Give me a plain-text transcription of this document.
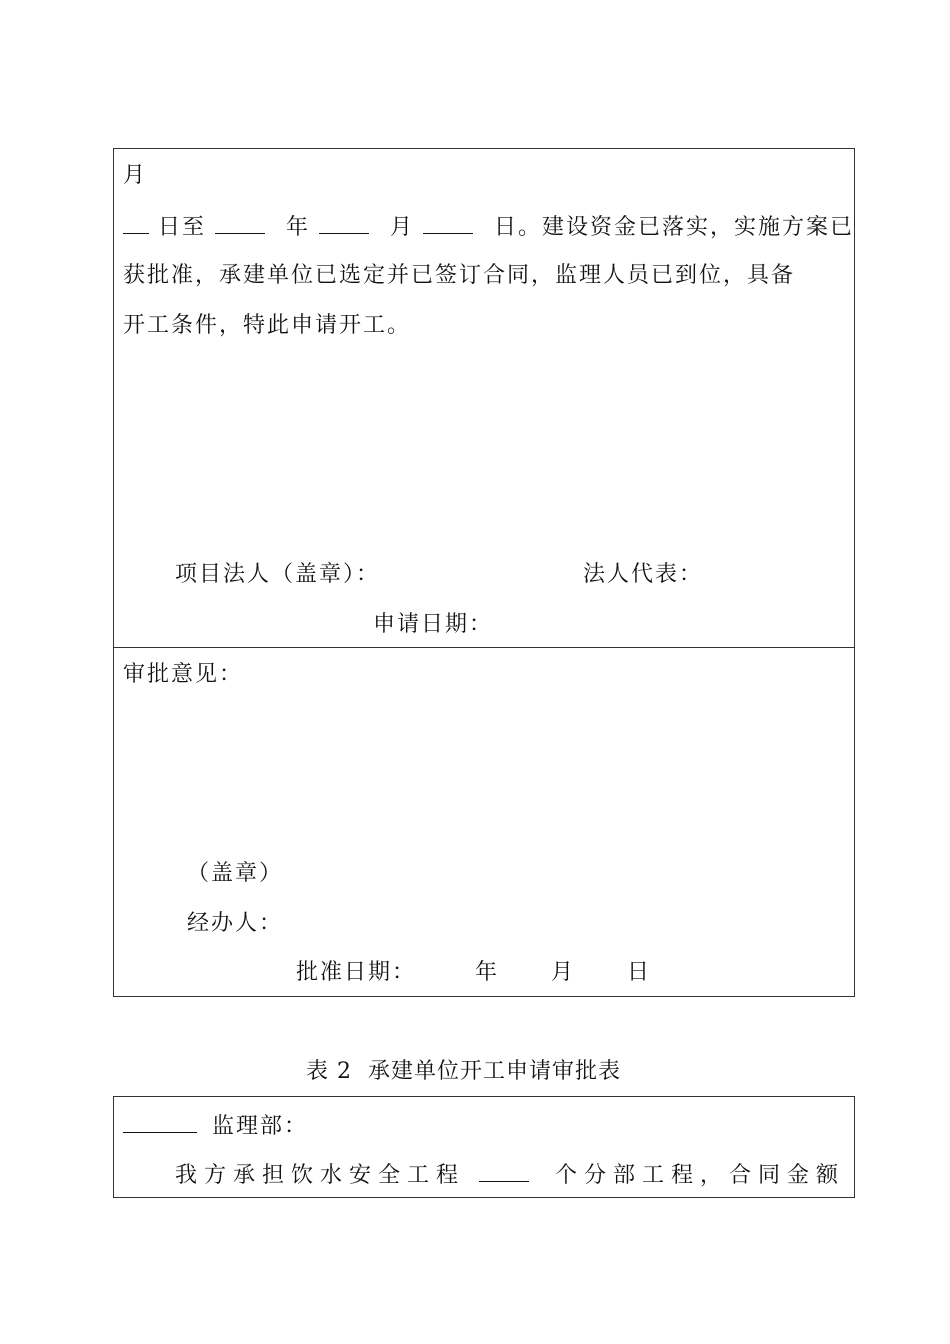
月
日至	年	月	日。建设资金已落实，实施方案已
获批准，承建单位已选定并已签订合同，监理人员已到位，具备
开工条件，特此申请开工。
项目法人（盖章）：	法人代表：
申请日期：
审批意见：
（盖章）
经办人：
批准日期：	年 月 日
表 2  承建单位开工申请审批表
监理部：
我方承担饮水安全工程	个分部工程，合同金额
